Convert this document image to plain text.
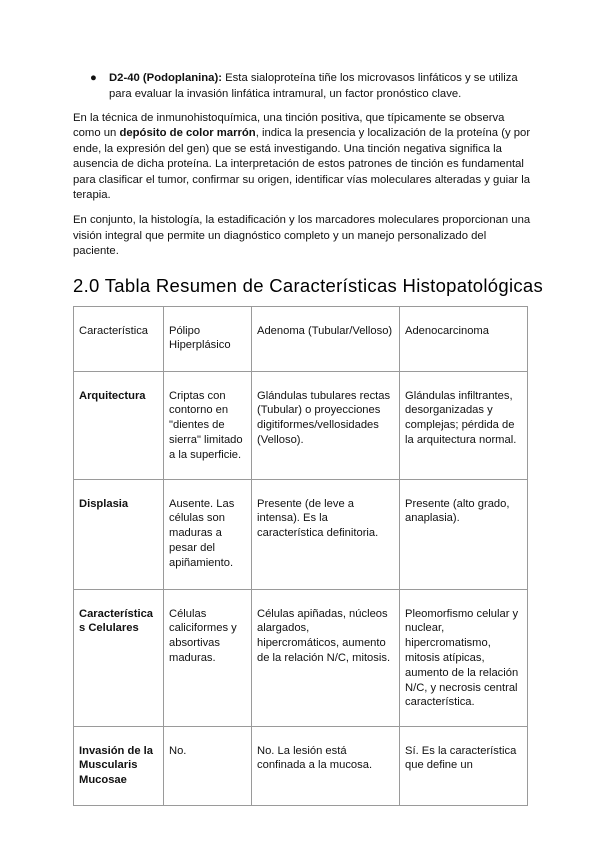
● D2-40 (Podoplanina): Esta sialoproteína tiñe los microvasos linfáticos y se utiliza para evaluar la invasión linfática intramural, un factor pronóstico clave.

En la técnica de inmunohistoquímica, una tinción positiva, que típicamente se observa como un depósito de color marrón, indica la presencia y localización de la proteína (y por ende, la expresión del gen) que se está investigando. Una tinción negativa significa la ausencia de dicha proteína. La interpretación de estos patrones de tinción es fundamental para clasificar el tumor, confirmar su origen, identificar vías moleculares alteradas y guiar la terapia.

En conjunto, la histología, la estadificación y los marcadores moleculares proporcionan una visión integral que permite un diagnóstico completo y un manejo personalizado del paciente.

2.0 Tabla Resumen de Características Histopatológicas
Característica	Pólipo Hiperplásico	Adenoma (Tubular/Velloso)	Adenocarcinoma
Arquitectura	Criptas con contorno en "dientes de sierra" limitado a la superficie.	Glándulas tubulares rectas (Tubular) o proyecciones digitiformes/vellosidades (Velloso).	Glándulas infiltrantes, desorganizadas y complejas; pérdida de la arquitectura normal.
Displasia	Ausente. Las células son maduras a pesar del apiñamiento.	Presente (de leve a intensa). Es la característica definitoria.	Presente (alto grado, anaplasia).
Características Celulares	Células caliciformes y absortivas maduras.	Células apiñadas, núcleos alargados, hipercromáticos, aumento de la relación N/C, mitosis.	Pleomorfismo celular y nuclear, hipercromatismo, mitosis atípicas, aumento de la relación N/C, y necrosis central característica.
Invasión de la Muscularis Mucosae	No.	No. La lesión está confinada a la mucosa.	Sí. Es la característica que define un
